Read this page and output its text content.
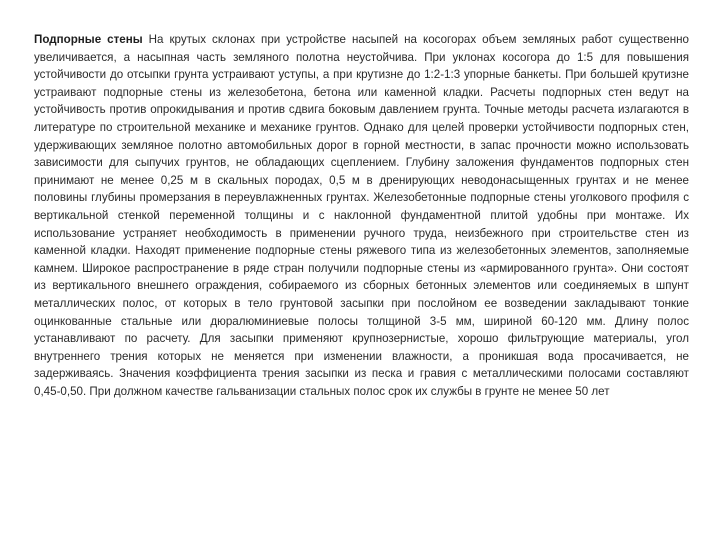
Подпорные стены На крутых склонах при устройстве насыпей на косогорах объем земляных работ существенно увеличивается, а насыпная часть земляного полотна неустойчива. При уклонах косогора до 1:5 для повышения устойчивости до отсыпки грунта устраивают уступы, а при крутизне до 1:2-1:3 упорные банкеты. При большей крутизне устраивают подпорные стены из железобетона, бетона или каменной кладки. Расчеты подпорных стен ведут на устойчивость против опрокидывания и против сдвига боковым давлением грунта. Точные методы расчета излагаются в литературе по строительной механике и механике грунтов. Однако для целей проверки устойчивости подпорных стен, удерживающих земляное полотно автомобильных дорог в горной местности, в запас прочности можно использовать зависимости для сыпучих грунтов, не обладающих сцеплением. Глубину заложения фундаментов подпорных стен принимают не менее 0,25 м в скальных породах, 0,5 м в дренирующих неводонасыщенных грунтах и не менее половины глубины промерзания в переувлажненных грунтах. Железобетонные подпорные стены уголкового профиля с вертикальной стенкой переменной толщины и с наклонной фундаментной плитой удобны при монтаже. Их использование устраняет необходимость в применении ручного труда, неизбежного при строительстве стен из каменной кладки. Находят применение подпорные стены ряжевого типа из железобетонных элементов, заполняемые камнем. Широкое распространение в ряде стран получили подпорные стены из «армированного грунта». Они состоят из вертикального внешнего ограждения, собираемого из сборных бетонных элементов или соединяемых в шпунт металлических полос, от которых в тело грунтовой засыпки при послойном ее возведении закладывают тонкие оцинкованные стальные или дюралюминиевые полосы толщиной 3-5 мм, шириной 60-120 мм. Длину полос устанавливают по расчету. Для засыпки применяют крупнозернистые, хорошо фильтрующие материалы, угол внутреннего трения которых не меняется при изменении влажности, а проникшая вода просачивается, не задерживаясь. Значения коэффициента трения засыпки из песка и гравия с металлическими полосами составляют 0,45-0,50. При должном качестве гальванизации стальных полос срок их службы в грунте не менее 50 лет
